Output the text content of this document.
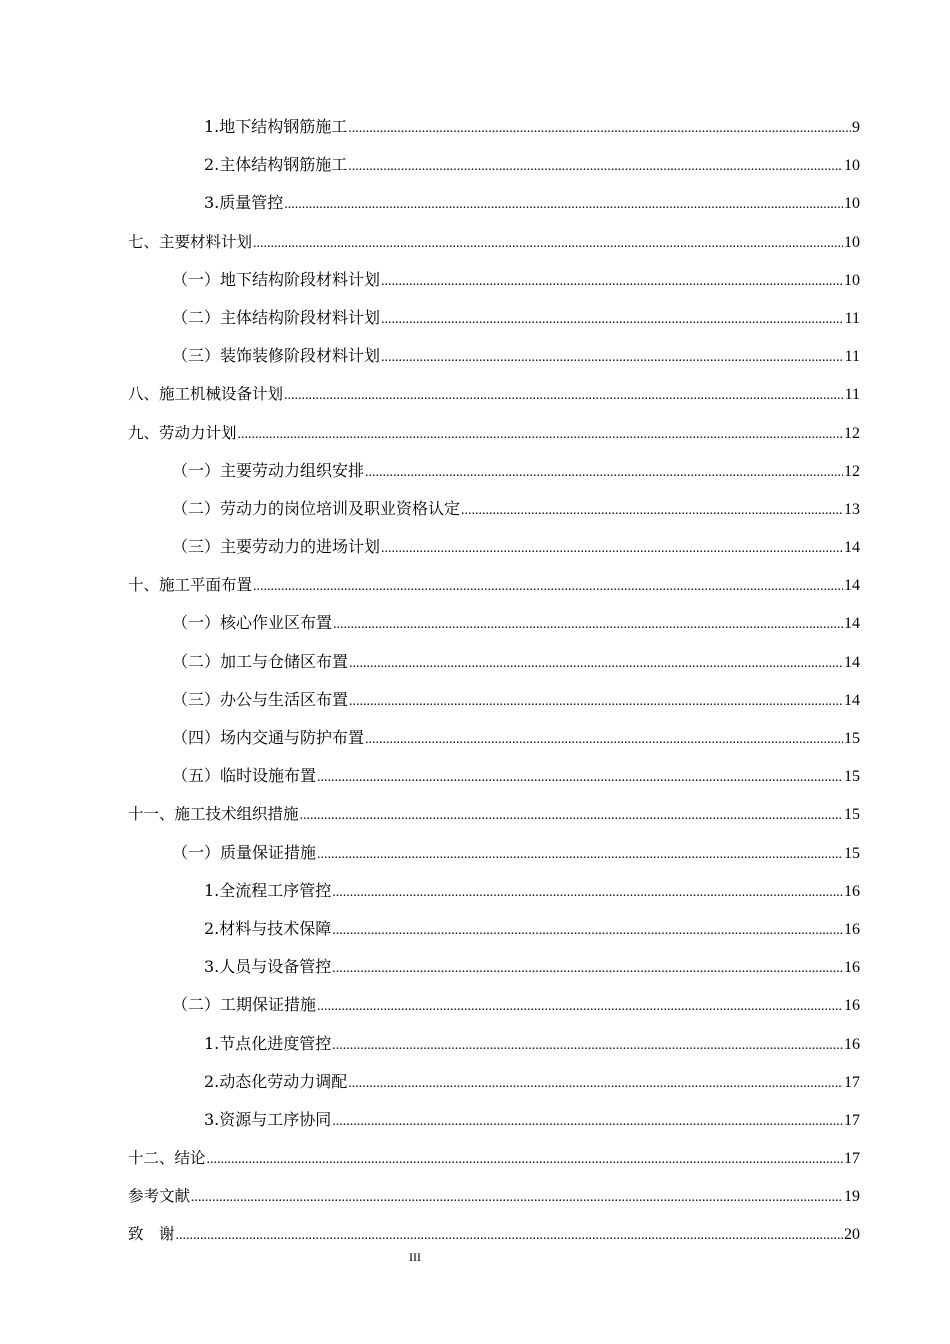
1.地下结构钢筋施工 .....	9
2.主体结构钢筋施工 .....	10
3.质量管控 .....	10
七、主要材料计划 .....	10
（一）地下结构阶段材料计划 .....	10
（二）主体结构阶段材料计划 .....	11
（三）装饰装修阶段材料计划 .....	11
八、施工机械设备计划 .....	11
九、劳动力计划 .....	12
（一）主要劳动力组织安排 .....	12
（二）劳动力的岗位培训及职业资格认定 .....	13
（三）主要劳动力的进场计划 .....	14
十、施工平面布置 .....	14
（一）核心作业区布置 .....	14
（二）加工与仓储区布置 .....	14
（三）办公与生活区布置 .....	14
（四）场内交通与防护布置 .....	15
（五）临时设施布置 .....	15
十一、施工技术组织措施 .....	15
（一）质量保证措施 .....	15
1.全流程工序管控 .....	16
2.材料与技术保障 .....	16
3.人员与设备管控 .....	16
（二）工期保证措施 .....	16
1.节点化进度管控 .....	16
2.动态化劳动力调配 .....	17
3.资源与工序协同 .....	17
十二、结论 .....	17
参考文献 .....	19
致　谢 .....	20
III
